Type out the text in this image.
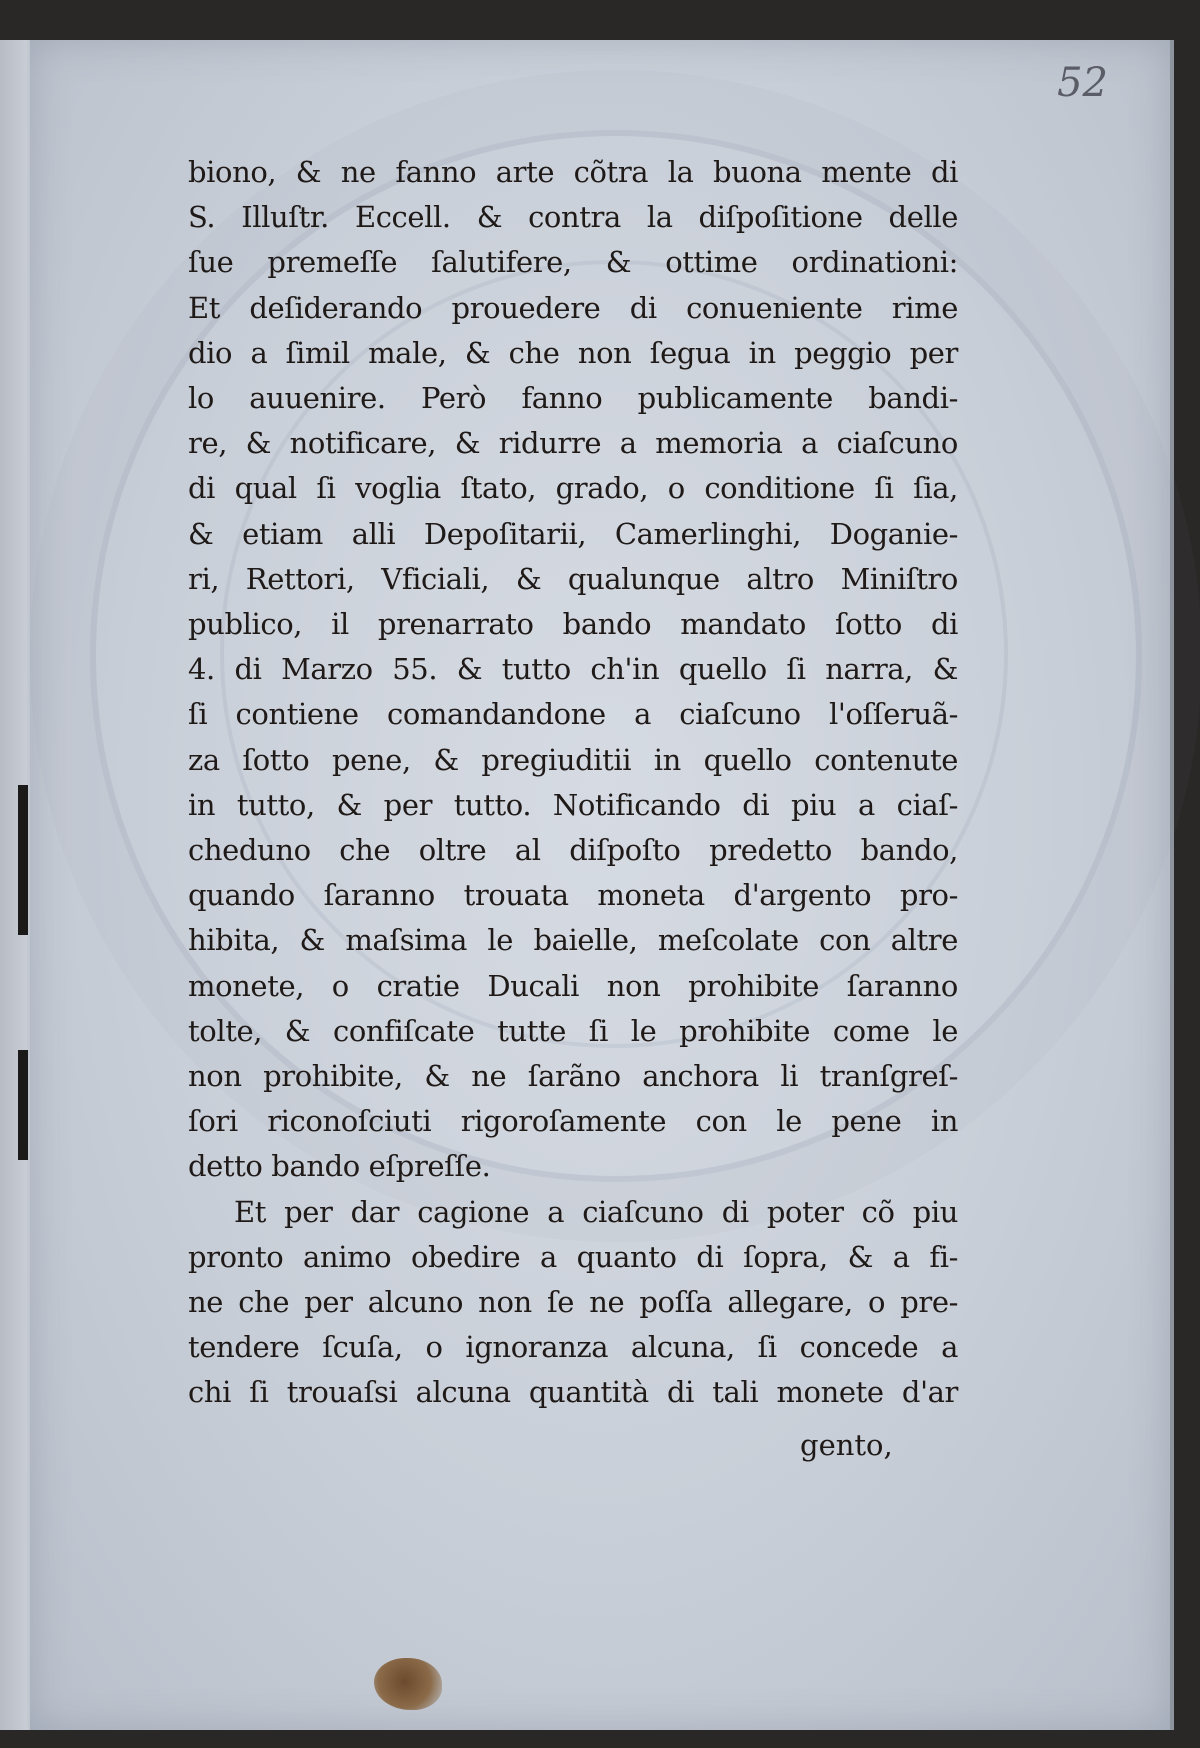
52
biono, & ne fanno arte cõtra la buona mente di
S. Illuſtr. Eccell. & contra la diſpoſitione delle
ſue premeſſe ſalutifere, & ottime ordinationi:
Et deſiderando prouedere di conueniente rime
dio a ſimil male, & che non ſegua in peggio per
lo auuenire. Però fanno publicamente bandi-
re, & notificare, & ridurre a memoria a ciaſcuno
di qual ſi voglia ſtato, grado, o conditione ſi ſia,
& etiam alli Depoſitarii, Camerlinghi, Doganie-
ri, Rettori, Vficiali, & qualunque altro Miniſtro
publico, il prenarrato bando mandato ſotto di
4. di Marzo 55. & tutto ch'in quello ſi narra, &
ſi contiene comandandone a ciaſcuno l'oſſeruã-
za ſotto pene, & pregiuditii in quello contenute
in tutto, & per tutto. Notificando di piu a ciaſ-
cheduno che oltre al diſpoſto predetto bando,
quando ſaranno trouata moneta d'argento pro-
hibita, & maſsima le baielle, meſcolate con altre
monete, o cratie Ducali non prohibite ſaranno
tolte, & confiſcate tutte ſi le prohibite come le
non prohibite, & ne ſarãno anchora li tranſgreſ-
ſori riconoſciuti rigoroſamente con le pene in
detto bando eſpreſſe.
Et per dar cagione a ciaſcuno di poter cõ piu
pronto animo obedire a quanto di ſopra, & a fi-
ne che per alcuno non ſe ne poſſa allegare, o pre-
tendere ſcuſa, o ignoranza alcuna, ſi concede a
chi ſi trouaſsi alcuna quantità di tali monete d'ar
gento,
